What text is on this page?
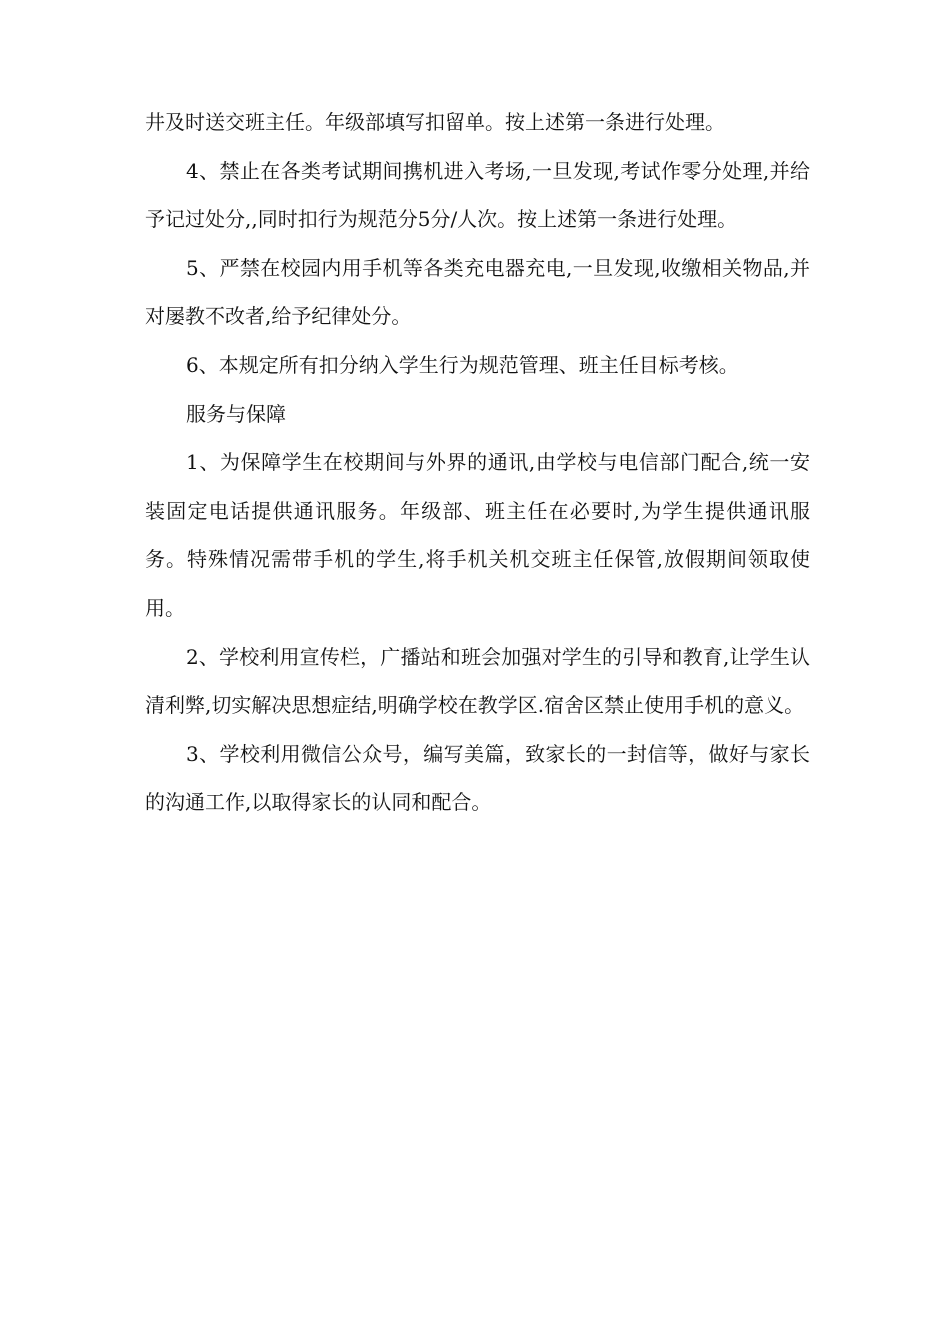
井及时送交班主任。年级部填写扣留单。按上述第一条进行处理。

4、禁止在各类考试期间携机进入考场,一旦发现,考试作零分处理,并给予记过处分,,同时扣行为规范分5分/人次。按上述第一条进行处理。

5、严禁在校园内用手机等各类充电器充电,一旦发现,收缴相关物品,并对屡教不改者,给予纪律处分。

6、本规定所有扣分纳入学生行为规范管理、班主任目标考核。

服务与保障

1、为保障学生在校期间与外界的通讯,由学校与电信部门配合,统一安装固定电话提供通讯服务。年级部、班主任在必要时,为学生提供通讯服务。特殊情况需带手机的学生,将手机关机交班主任保管,放假期间领取使用。

2、学校利用宣传栏，广播站和班会加强对学生的引导和教育,让学生认清利弊,切实解决思想症结,明确学校在教学区.宿舍区禁止使用手机的意义。

3、学校利用微信公众号，编写美篇，致家长的一封信等，做好与家长的沟通工作,以取得家长的认同和配合。
